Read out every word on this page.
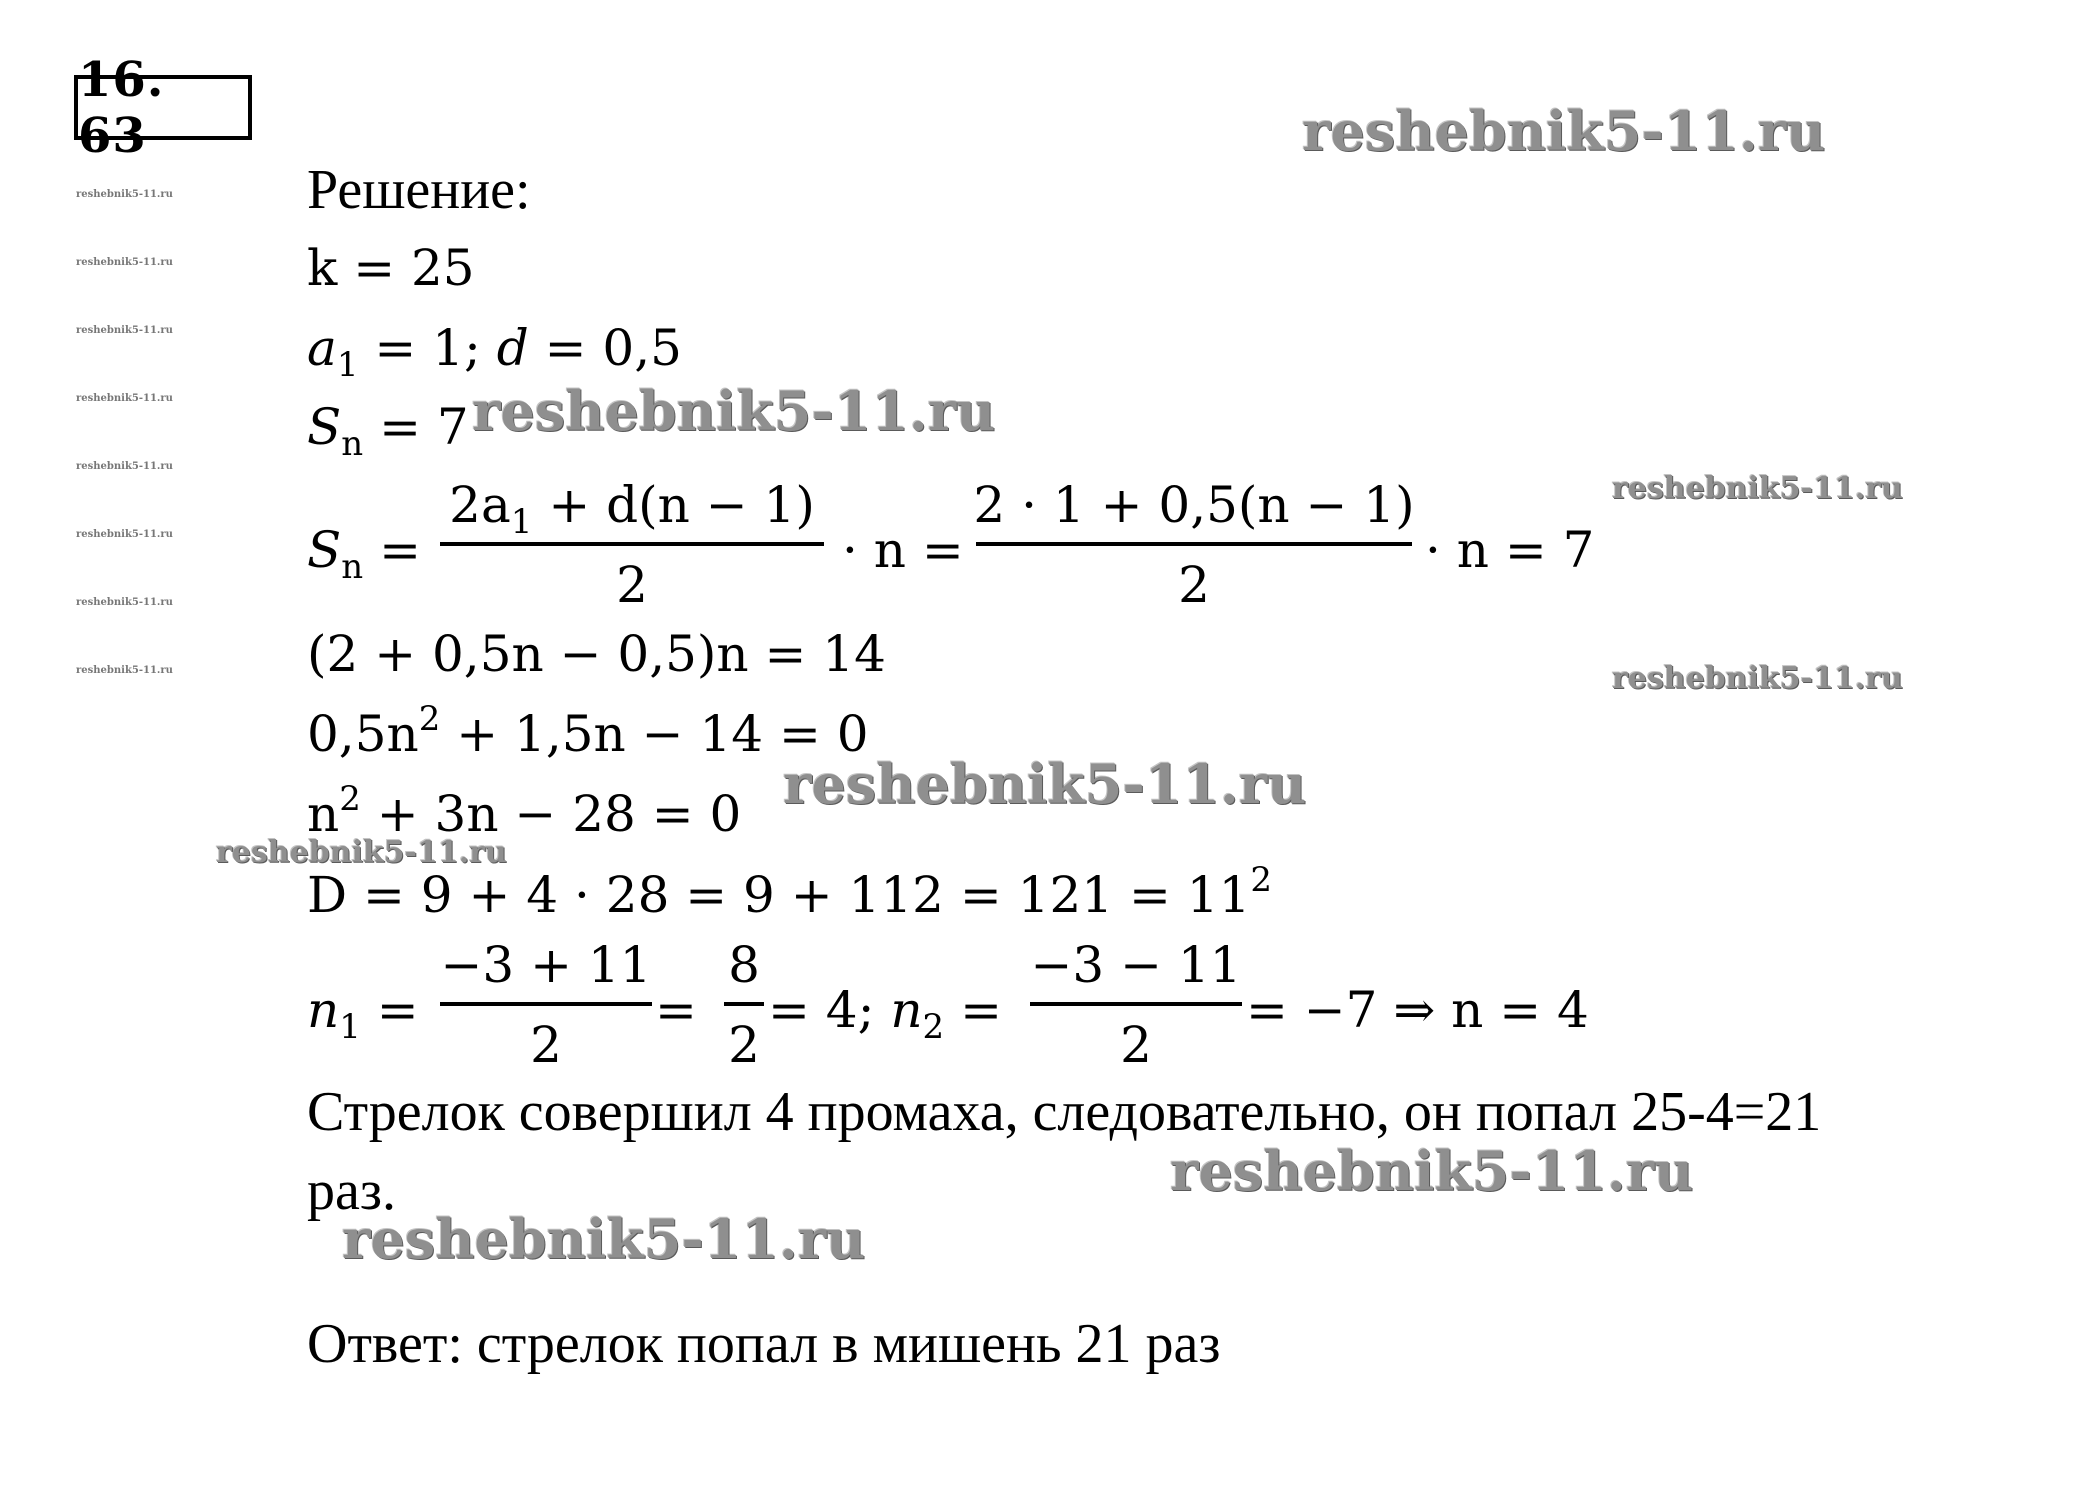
16. 63
reshebnik5-11.ru
reshebnik5-11.ru
reshebnik5-11.ru
reshebnik5-11.ru
reshebnik5-11.ru
reshebnik5-11.ru
reshebnik5-11.ru
reshebnik5-11.ru
reshebnik5-11.ru
reshebnik5-11.ru
reshebnik5-11.ru
reshebnik5-11.ru
reshebnik5-11.ru
reshebnik5-11.ru
reshebnik5-11.ru
reshebnik5-11.ru
Решение:
k = 25
$a_1 = 1$; d = 0,5
$S_n = 7$
$S_n$ =
$2a_1 + d(n - 1)$
2
· n =
2 · 1 + 0,5(n − 1)
2
· n = 7
(2 + 0,5n − 0,5)n = 14
$0,5n^2 + 1,5n - 14 = 0$
$n^2 + 3n - 28 = 0$
$D = 9 + 4 \cdot 28 = 9 + 112 = 121 = 11^2$
$n_1$ =
−3 + 11
2
=
8
2
= 4; $n_2$ =
−3 − 11
2
= −7 ⇒ n = 4
Стрелок совершил 4 промаха, следовательно, он попал 25-4=21
раз.
Ответ: стрелок попал в мишень 21 раз
